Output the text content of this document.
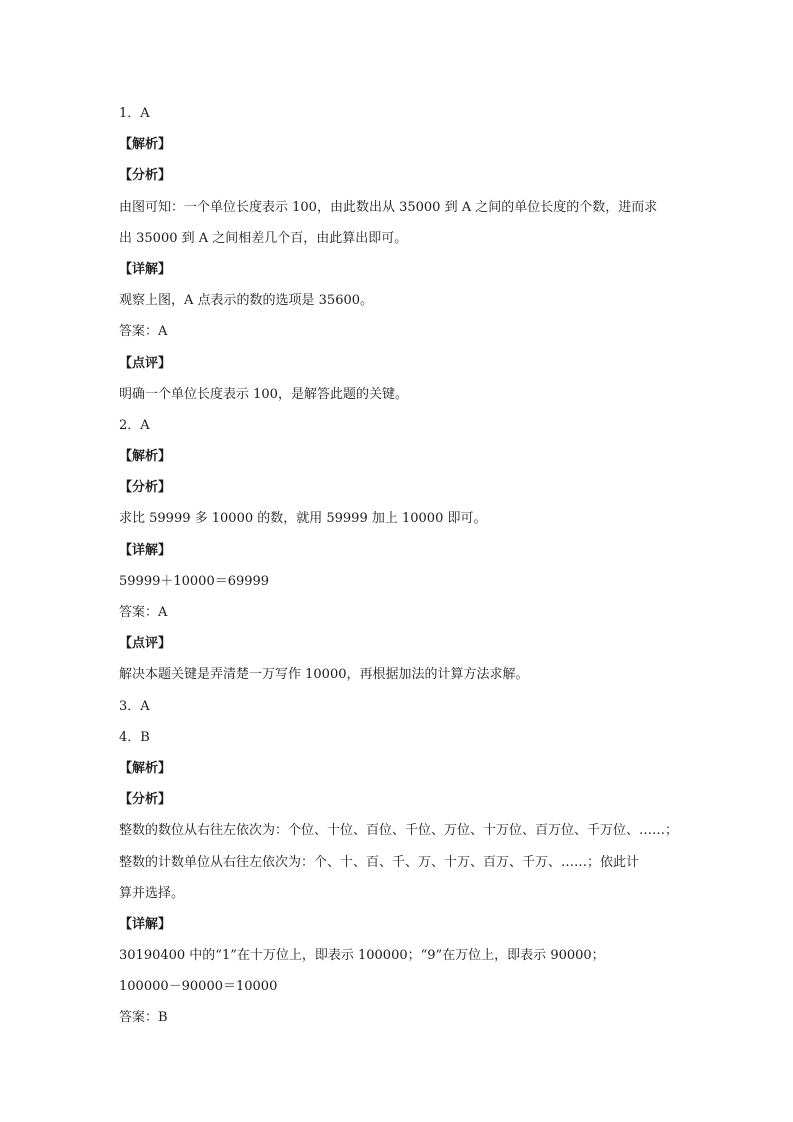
1．A
【解析】
【分析】
由图可知：一个单位长度表示 100，由此数出从 35000 到 A 之间的单位长度的个数，进而求
出 35000 到 A 之间相差几个百，由此算出即可。
【详解】
观察上图，A 点表示的数的选项是 35600。
答案：A
【点评】
明确一个单位长度表示 100，是解答此题的关键。
2．A
【解析】
【分析】
求比 59999 多 10000 的数，就用 59999 加上 10000 即可。
【详解】
59999＋10000＝69999
答案：A
【点评】
解决本题关键是弄清楚一万写作 10000，再根据加法的计算方法求解。
3．A
4．B
【解析】
【分析】
整数的数位从右往左依次为：个位、十位、百位、千位、万位、十万位、百万位、千万位、……；
整数的计数单位从右往左依次为：个、十、百、千、万、十万、百万、千万、……；依此计
算并选择。
【详解】
30190400 中的“1”在十万位上，即表示 100000；“9”在万位上，即表示 90000；
100000－90000＝10000
答案：B
